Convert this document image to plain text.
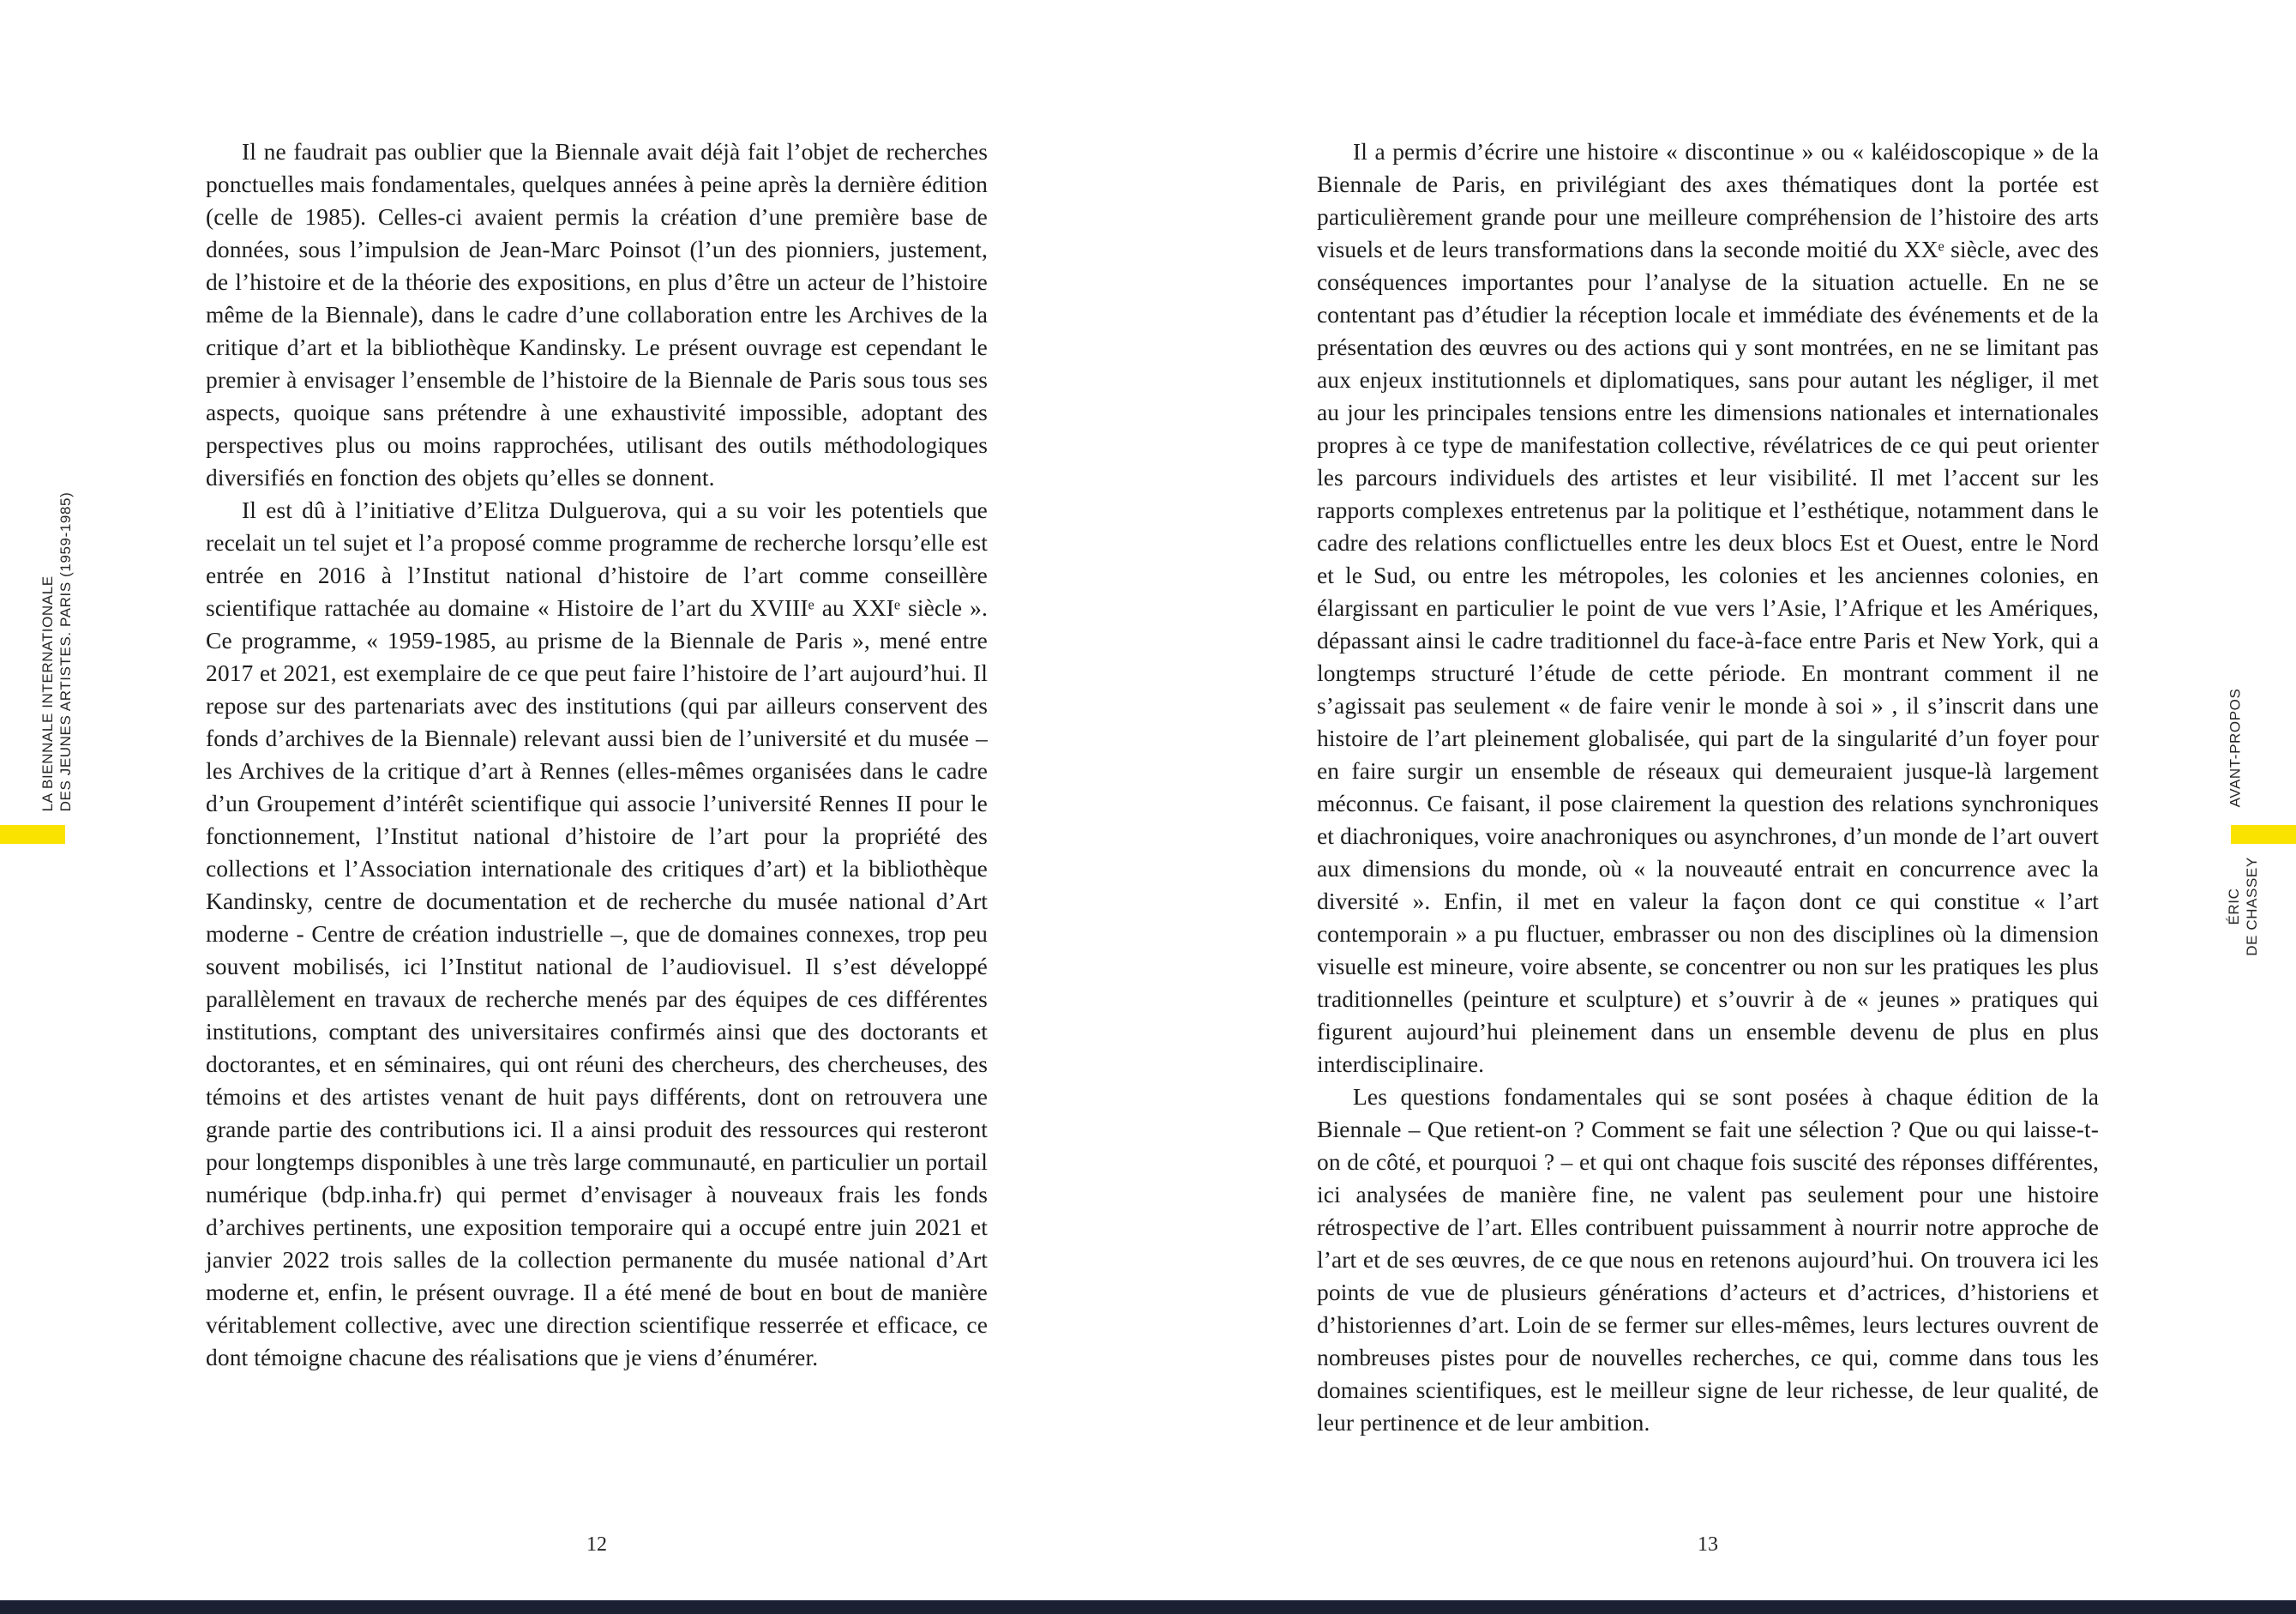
LA BIENNALE INTERNATIONALE DES JEUNES ARTISTES. PARIS (1959-1985)

Il ne faudrait pas oublier que la Biennale avait déjà fait l’objet de recherches ponctuelles mais fondamentales, quelques années à peine après la dernière édition (celle de 1985). Celles-ci avaient permis la création d’une première base de données, sous l’impulsion de Jean-Marc Poinsot (l’un des pionniers, justement, de l’histoire et de la théorie des expositions, en plus d’être un acteur de l’histoire même de la Biennale), dans le cadre d’une collaboration entre les Archives de la critique d’art et la bibliothèque Kandinsky. Le présent ouvrage est cependant le premier à envisager l’ensemble de l’histoire de la Biennale de Paris sous tous ses aspects, quoique sans prétendre à une exhaustivité impossible, adoptant des perspectives plus ou moins rapprochées, utilisant des outils méthodologiques diversifiés en fonction des objets qu’elles se donnent.

Il est dû à l’initiative d’Elitza Dulguerova, qui a su voir les potentiels que recelait un tel sujet et l’a proposé comme programme de recherche lorsqu’elle est entrée en 2016 à l’Institut national d’histoire de l’art comme conseillère scientifique rattachée au domaine « Histoire de l’art du XVIIIᵉ au XXIᵉ siècle ». Ce programme, « 1959-1985, au prisme de la Biennale de Paris », mené entre 2017 et 2021, est exemplaire de ce que peut faire l’histoire de l’art aujourd’hui. Il repose sur des partenariats avec des institutions (qui par ailleurs conservent des fonds d’archives de la Biennale) relevant aussi bien de l’université et du musée – les Archives de la critique d’art à Rennes (elles-mêmes organisées dans le cadre d’un Groupement d’intérêt scientifique qui associe l’université Rennes II pour le fonctionnement, l’Institut national d’histoire de l’art pour la propriété des collections et l’Association internationale des critiques d’art) et la bibliothèque Kandinsky, centre de documentation et de recherche du musée national d’Art moderne - Centre de création industrielle –, que de domaines connexes, trop peu souvent mobilisés, ici l’Institut national de l’audiovisuel. Il s’est développé parallèlement en travaux de recherche menés par des équipes de ces différentes institutions, comptant des universitaires confirmés ainsi que des doctorants et doctorantes, et en séminaires, qui ont réuni des chercheurs, des chercheuses, des témoins et des artistes venant de huit pays différents, dont on retrouvera une grande partie des contributions ici. Il a ainsi produit des ressources qui resteront pour longtemps disponibles à une très large communauté, en particulier un portail numérique (bdp.inha.fr) qui permet d’envisager à nouveaux frais les fonds d’archives pertinents, une exposition temporaire qui a occupé entre juin 2021 et janvier 2022 trois salles de la collection permanente du musée national d’Art moderne et, enfin, le présent ouvrage. Il a été mené de bout en bout de manière véritablement collective, avec une direction scientifique resserrée et efficace, ce dont témoigne chacune des réalisations que je viens d’énumérer.

12

Il a permis d’écrire une histoire « discontinue » ou « kaléidoscopique » de la Biennale de Paris, en privilégiant des axes thématiques dont la portée est particulièrement grande pour une meilleure compréhension de l’histoire des arts visuels et de leurs transformations dans la seconde moitié du XXᵉ siècle, avec des conséquences importantes pour l’analyse de la situation actuelle. En ne se contentant pas d’étudier la réception locale et immédiate des événements et de la présentation des œuvres ou des actions qui y sont montrées, en ne se limitant pas aux enjeux institutionnels et diplomatiques, sans pour autant les négliger, il met au jour les principales tensions entre les dimensions nationales et internationales propres à ce type de manifestation collective, révélatrices de ce qui peut orienter les parcours individuels des artistes et leur visibilité. Il met l’accent sur les rapports complexes entretenus par la politique et l’esthétique, notamment dans le cadre des relations conflictuelles entre les deux blocs Est et Ouest, entre le Nord et le Sud, ou entre les métropoles, les colonies et les anciennes colonies, en élargissant en particulier le point de vue vers l’Asie, l’Afrique et les Amériques, dépassant ainsi le cadre traditionnel du face-à-face entre Paris et New York, qui a longtemps structuré l’étude de cette période. En montrant comment il ne s’agissait pas seulement « de faire venir le monde à soi » , il s’inscrit dans une histoire de l’art pleinement globalisée, qui part de la singularité d’un foyer pour en faire surgir un ensemble de réseaux qui demeuraient jusque-là largement méconnus. Ce faisant, il pose clairement la question des relations synchroniques et diachroniques, voire anachroniques ou asynchrones, d’un monde de l’art ouvert aux dimensions du monde, où « la nouveauté entrait en concurrence avec la diversité ». Enfin, il met en valeur la façon dont ce qui constitue « l’art contemporain » a pu fluctuer, embrasser ou non des disciplines où la dimension visuelle est mineure, voire absente, se concentrer ou non sur les pratiques les plus traditionnelles (peinture et sculpture) et s’ouvrir à de « jeunes » pratiques qui figurent aujourd’hui pleinement dans un ensemble devenu de plus en plus interdisciplinaire.

Les questions fondamentales qui se sont posées à chaque édition de la Biennale – Que retient-on ? Comment se fait une sélection ? Que ou qui laisse-t-on de côté, et pourquoi ? – et qui ont chaque fois suscité des réponses différentes, ici analysées de manière fine, ne valent pas seulement pour une histoire rétrospective de l’art. Elles contribuent puissamment à nourrir notre approche de l’art et de ses œuvres, de ce que nous en retenons aujourd’hui. On trouvera ici les points de vue de plusieurs générations d’acteurs et d’actrices, d’historiens et d’historiennes d’art. Loin de se fermer sur elles-mêmes, leurs lectures ouvrent de nombreuses pistes pour de nouvelles recherches, ce qui, comme dans tous les domaines scientifiques, est le meilleur signe de leur richesse, de leur qualité, de leur pertinence et de leur ambition.

13
AVANT-PROPOS
ÉRIC DE CHASSEY
